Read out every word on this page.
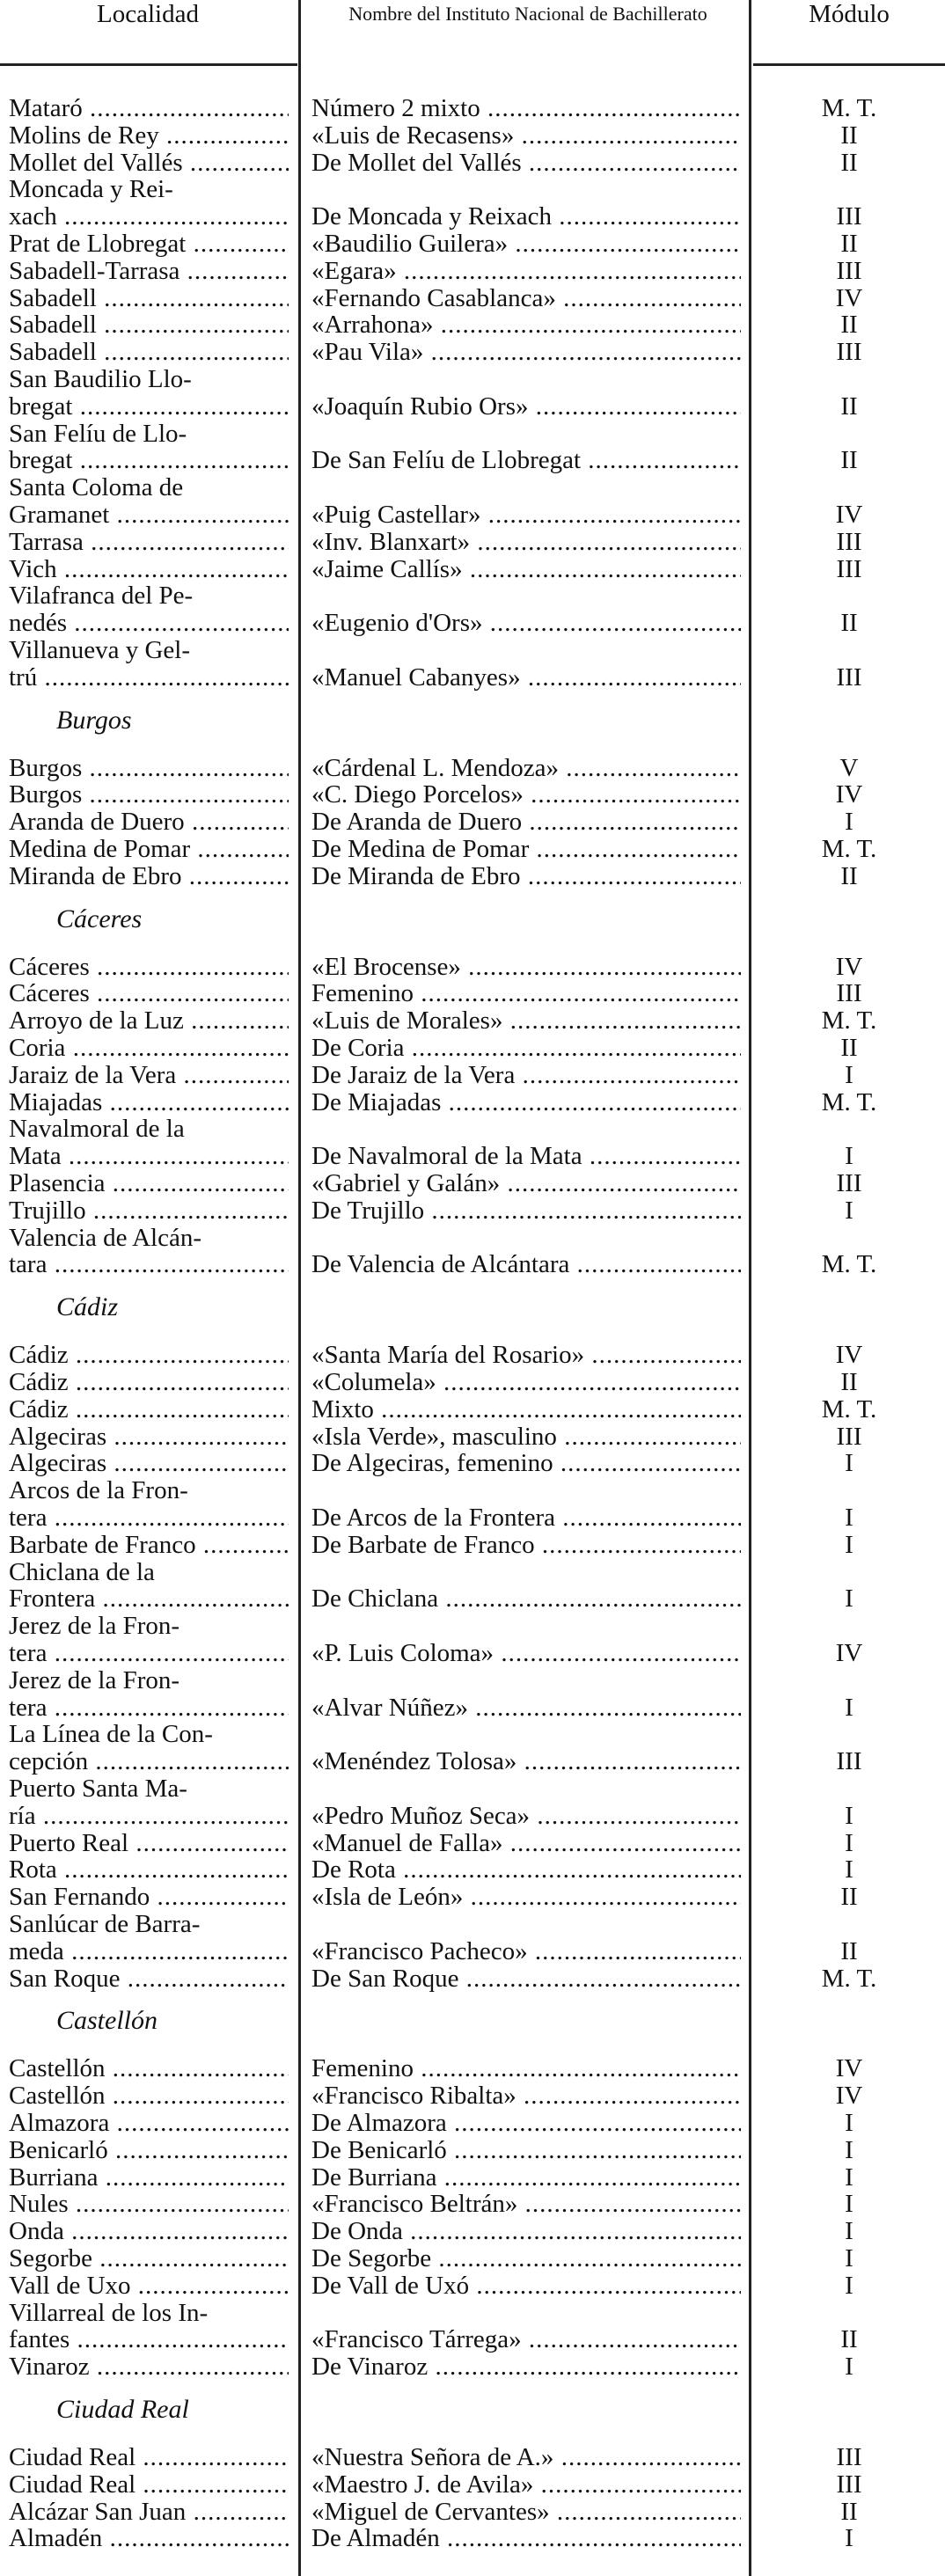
Localidad	Nombre del Instituto Nacional de Bachillerato	Módulo
Mataró .....	Número 2 mixto .....	M. T.
Molins de Rey .....	«Luis de Recasens» .....	II
Mollet del Vallés .....	De Mollet del Vallés .....	II
Moncada y Rei-
xach .....	De Moncada y Reixach .....	III
Prat de Llobregat .....	«Baudilio Guilera» .....	II
Sabadell-Tarrasa .....	«Egara» .....	III
Sabadell .....	«Fernando Casablanca» .....	IV
Sabadell .....	«Arrahona» .....	II
Sabadell .....	«Pau Vila» .....	III
San Baudilio Llo-
bregat .....	«Joaquín Rubio Ors» .....	II
San Felíu de Llo-
bregat .....	De San Felíu de Llobregat .....	II
Santa Coloma de
Gramanet .....	«Puig Castellar» .....	IV
Tarrasa .....	«Inv. Blanxart» .....	III
Vich .....	«Jaime Callís» .....	III
Vilafranca del Pe-
nedés .....	«Eugenio d'Ors» .....	II
Villanueva y Gel-
trú .....	«Manuel Cabanyes» .....	III
Burgos
Burgos .....	«Cárdenal L. Mendoza» .....	V
Burgos .....	«C. Diego Porcelos» .....	IV
Aranda de Duero .....	De Aranda de Duero .....	I
Medina de Pomar .....	De Medina de Pomar .....	M. T.
Miranda de Ebro .....	De Miranda de Ebro .....	II
Cáceres
Cáceres .....	«El Brocense» .....	IV
Cáceres .....	Femenino .....	III
Arroyo de la Luz .....	«Luis de Morales» .....	M. T.
Coria .....	De Coria .....	II
Jaraiz de la Vera .....	De Jaraiz de la Vera .....	I
Miajadas .....	De Miajadas .....	M. T.
Navalmoral de la
Mata .....	De Navalmoral de la Mata .....	I
Plasencia .....	«Gabriel y Galán» .....	III
Trujillo .....	De Trujillo .....	I
Valencia de Alcán-
tara .....	De Valencia de Alcántara .....	M. T.
Cádiz
Cádiz .....	«Santa María del Rosario» .....	IV
Cádiz .....	«Columela» .....	II
Cádiz .....	Mixto .....	M. T.
Algeciras .....	«Isla Verde», masculino .....	III
Algeciras .....	De Algeciras, femenino .....	I
Arcos de la Fron-
tera .....	De Arcos de la Frontera .....	I
Barbate de Franco .....	De Barbate de Franco .....	I
Chiclana de la
Frontera .....	De Chiclana .....	I
Jerez de la Fron-
tera .....	«P. Luis Coloma» .....	IV
Jerez de la Fron-
tera .....	«Alvar Núñez» .....	I
La Línea de la Con-
cepción .....	«Menéndez Tolosa» .....	III
Puerto Santa Ma-
ría .....	«Pedro Muñoz Seca» .....	I
Puerto Real .....	«Manuel de Falla» .....	I
Rota .....	De Rota .....	I
San Fernando .....	«Isla de León» .....	II
Sanlúcar de Barra-
meda .....	«Francisco Pacheco» .....	II
San Roque .....	De San Roque .....	M. T.
Castellón
Castellón .....	Femenino .....	IV
Castellón .....	«Francisco Ribalta» .....	IV
Almazora .....	De Almazora .....	I
Benicarló .....	De Benicarló .....	I
Burriana .....	De Burriana .....	I
Nules .....	«Francisco Beltrán» .....	I
Onda .....	De Onda .....	I
Segorbe .....	De Segorbe .....	I
Vall de Uxo .....	De Vall de Uxó .....	I
Villarreal de los In-
fantes .....	«Francisco Tárrega» .....	II
Vinaroz .....	De Vinaroz .....	I
Ciudad Real
Ciudad Real .....	«Nuestra Señora de A.» .....	III
Ciudad Real .....	«Maestro J. de Avila» .....	III
Alcázar San Juan .....	«Miguel de Cervantes» .....	II
Almadén .....	De Almadén .....	I
